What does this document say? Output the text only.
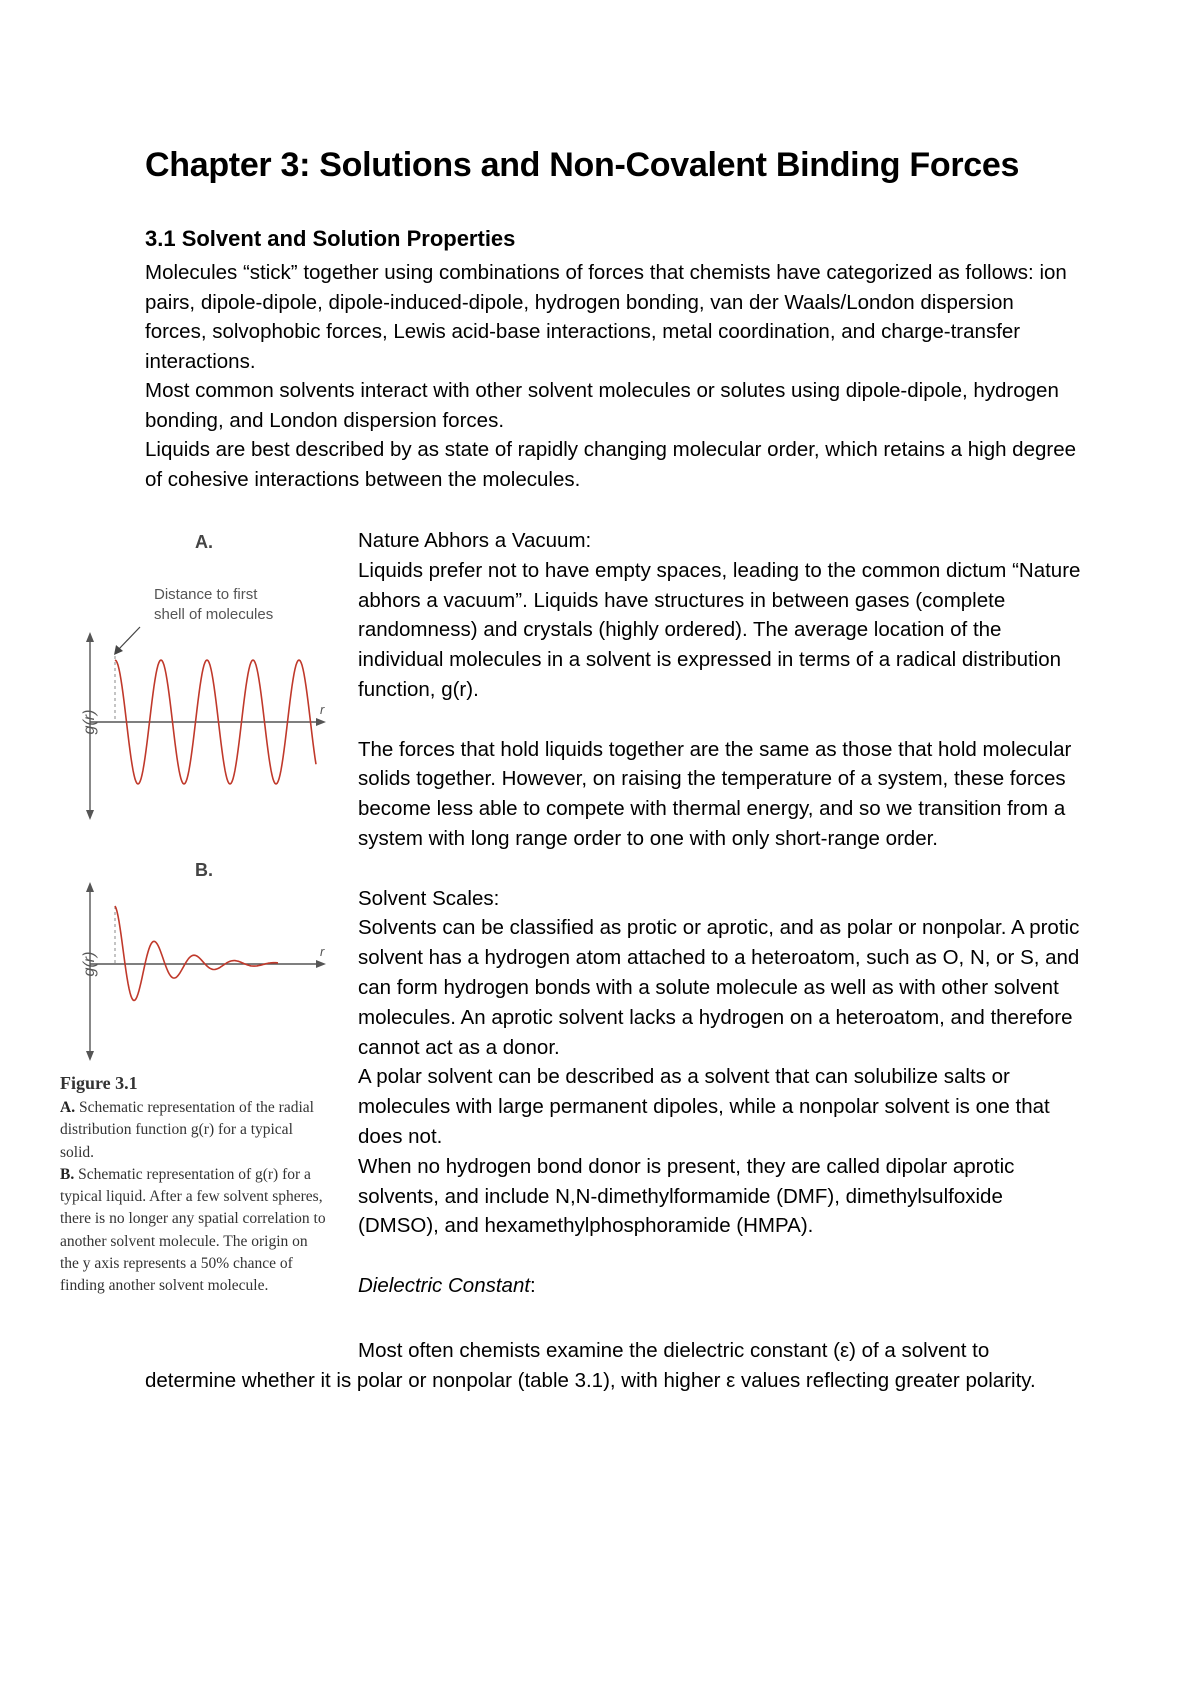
Chapter 3: Solutions and Non-Covalent Binding Forces
3.1 Solvent and Solution Properties

Molecules “stick” together using combinations of forces that chemists have categorized as follows: ion pairs, dipole-dipole, dipole-induced-dipole, hydrogen bonding, van der Waals/London dispersion forces, solvophobic forces, Lewis acid-base interactions, metal coordination, and charge-transfer interactions.

Most common solvents interact with other solvent molecules or solutes using dipole-dipole, hydrogen bonding, and London dispersion forces.

Liquids are best described by as state of rapidly changing molecular order, which retains a high degree of cohesive interactions between the molecules.

A.
Distance to first
shell of molecules
g(r)
r
B.
g(r)
r
Figure 3.1

A. Schematic representation of the radial distribution function g(r) for a typical solid.

B. Schematic representation of g(r) for a typical liquid. After a few solvent spheres, there is no longer any spatial correlation to another solvent molecule. The origin on the y axis represents a 50% chance of finding another solvent molecule.

Nature Abhors a Vacuum:

Liquids prefer not to have empty spaces, leading to the common dictum “Nature abhors a vacuum”. Liquids have structures in between gases (complete randomness) and crystals (highly ordered). The average location of the individual molecules in a solvent is expressed in terms of a radical distribution function, g(r).

The forces that hold liquids together are the same as those that hold molecular solids together. However, on raising the temperature of a system, these forces become less able to compete with thermal energy, and so we transition from a system with long range order to one with only short-range order.

Solvent Scales:

Solvents can be classified as protic or aprotic, and as polar or nonpolar. A protic solvent has a hydrogen atom attached to a heteroatom, such as O, N, or S, and can form hydrogen bonds with a solute molecule as well as with other solvent molecules. An aprotic solvent lacks a hydrogen on a heteroatom, and therefore cannot act as a donor.

A polar solvent can be described as a solvent that can solubilize salts or molecules with large permanent dipoles, while a nonpolar solvent is one that does not.

When no hydrogen bond donor is present, they are called dipolar aprotic solvents, and include N,N-dimethylformamide (DMF), dimethylsulfoxide (DMSO), and hexamethylphosphoramide (HMPA).

Dielectric Constant:

Most often chemists examine the dielectric constant (ε) of a solvent to

determine whether it is polar or nonpolar (table 3.1), with higher ε values reflecting greater polarity.
